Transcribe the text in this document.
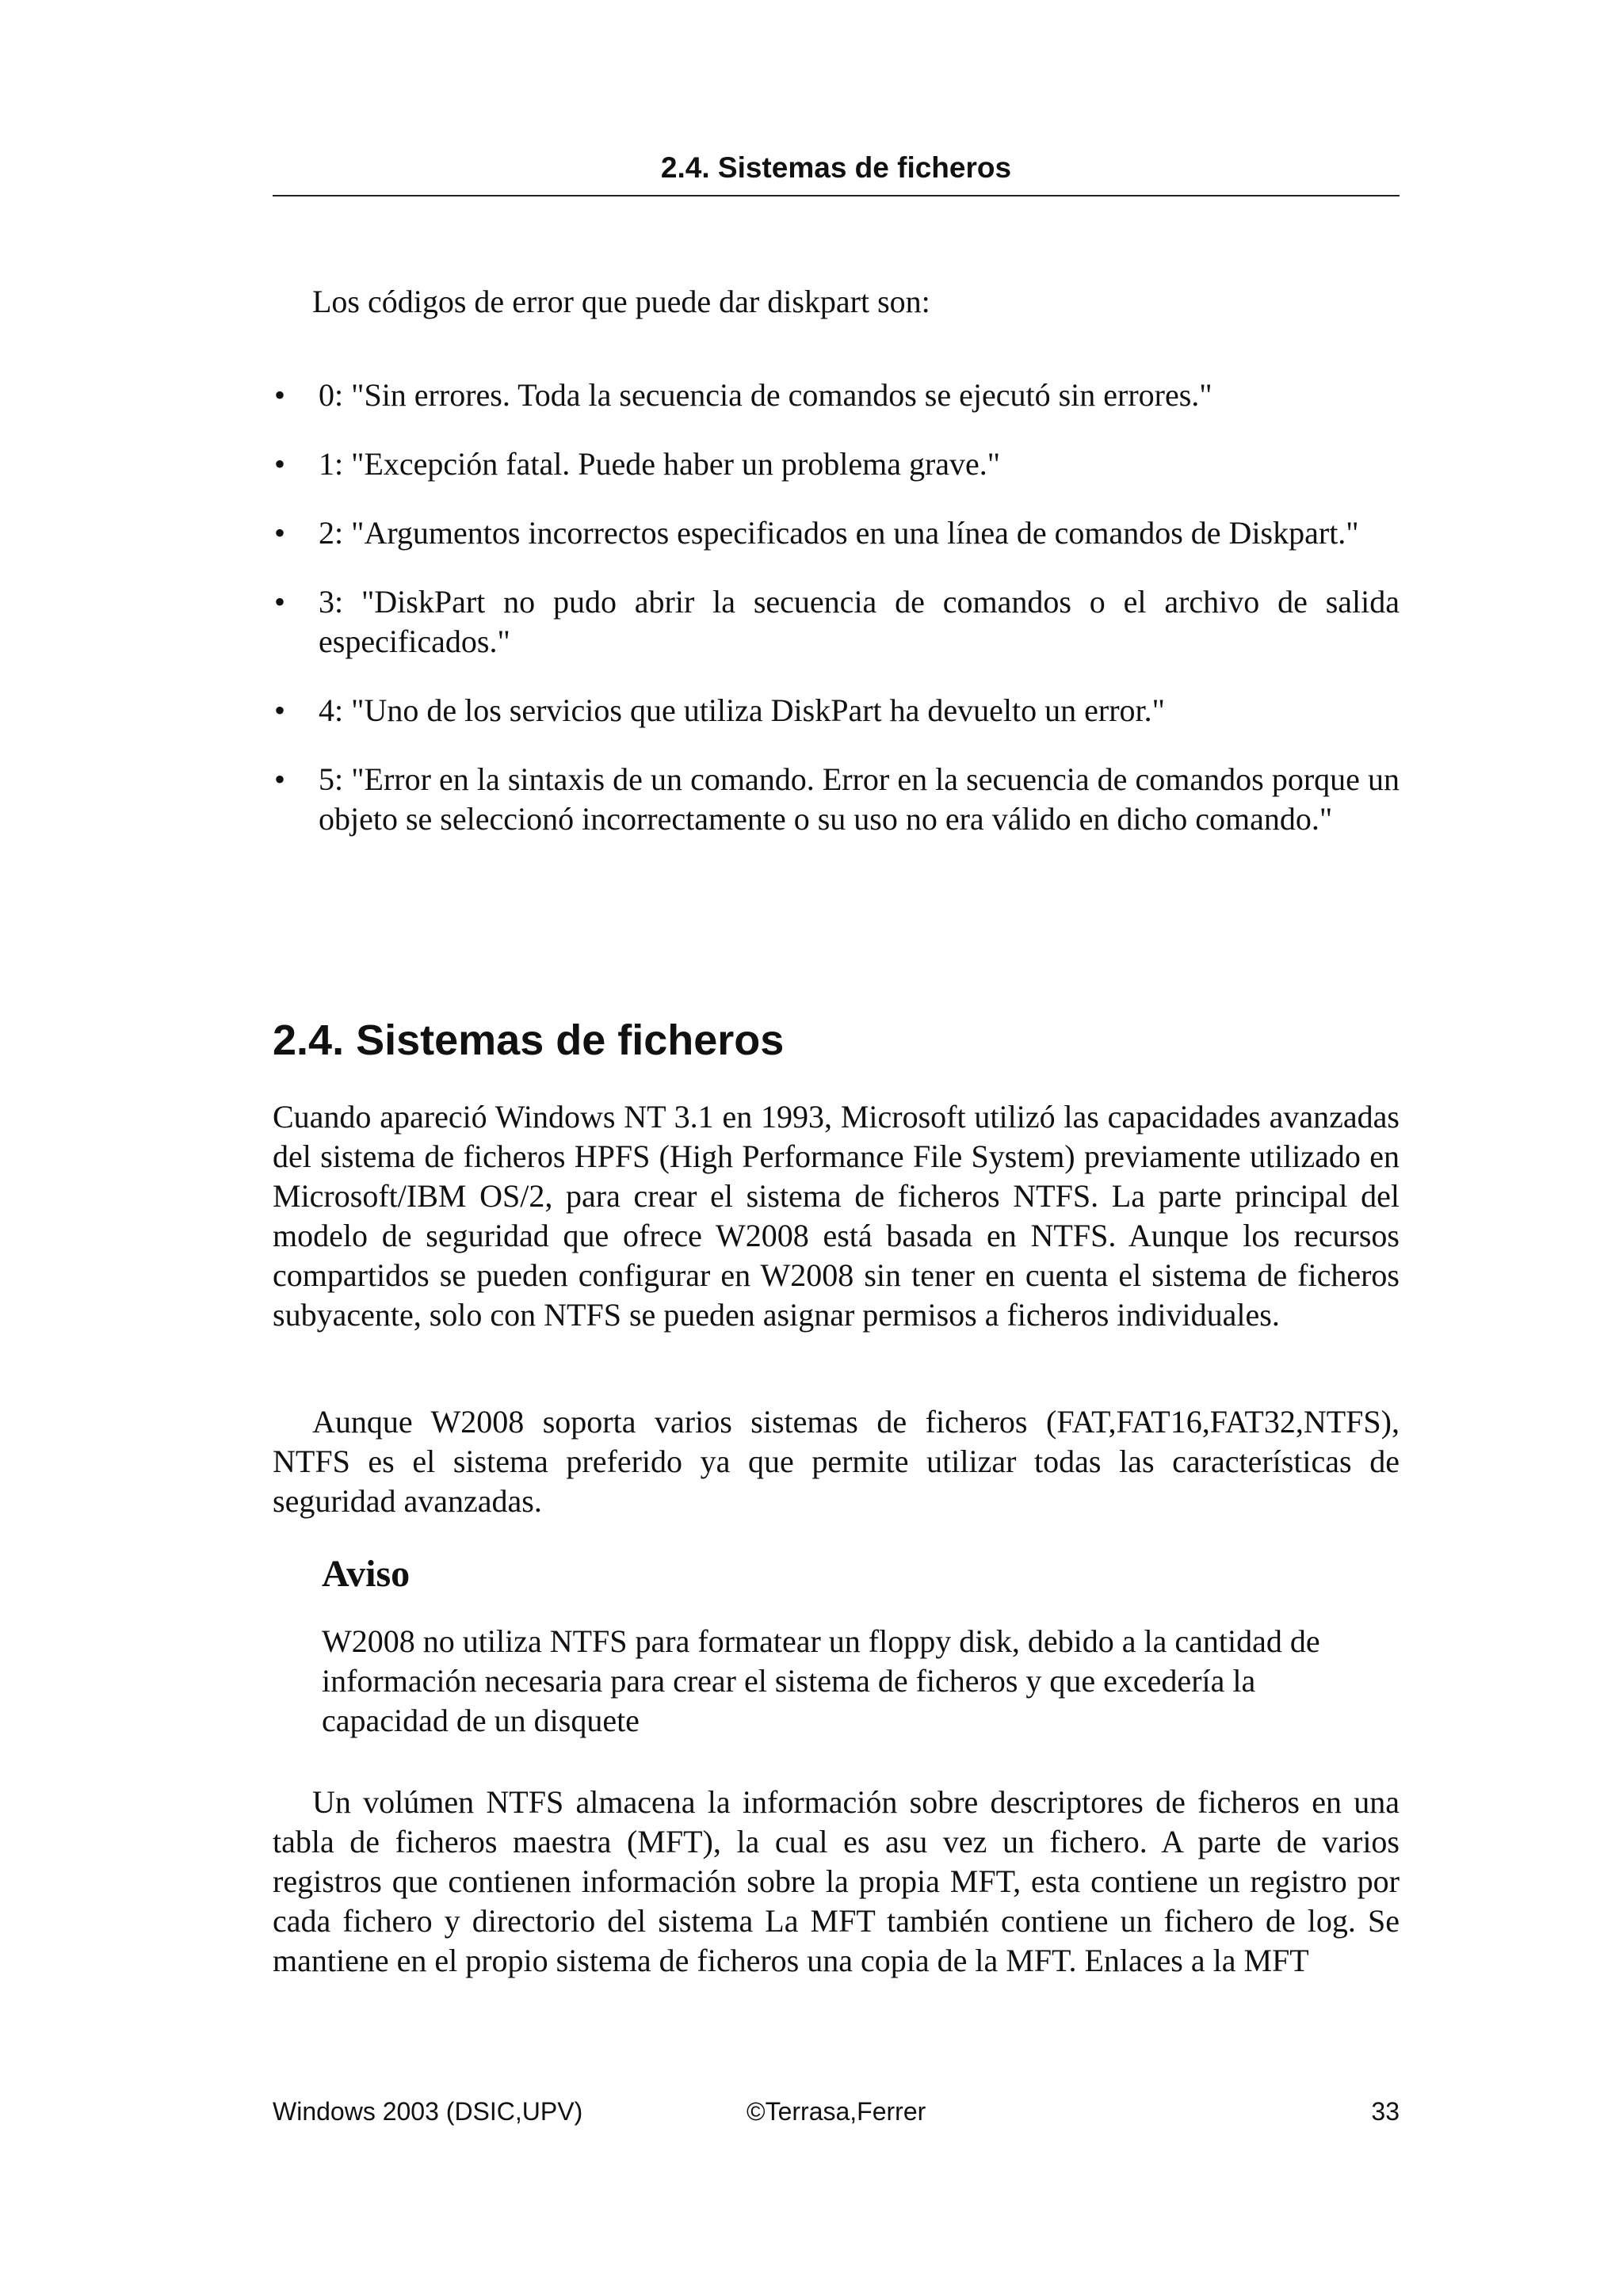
2.4. Sistemas de ficheros

Los códigos de error que puede dar diskpart son:

• 0: "Sin errores. Toda la secuencia de comandos se ejecutó sin errores."
• 1: "Excepción fatal. Puede haber un problema grave."
• 2: "Argumentos incorrectos especificados en una línea de comandos de Diskpart."
• 3: "DiskPart no pudo abrir la secuencia de comandos o el archivo de salida especificados."
• 4: "Uno de los servicios que utiliza DiskPart ha devuelto un error."
• 5: "Error en la sintaxis de un comando. Error en la secuencia de comandos porque un objeto se seleccionó incorrectamente o su uso no era válido en dicho comando."
2.4. Sistemas de ficheros

Cuando apareció Windows NT 3.1 en 1993, Microsoft utilizó las capacidades avanzadas del sistema de ficheros HPFS (High Performance File System) previamente utilizado en Microsoft/IBM OS/2, para crear el sistema de ficheros NTFS. La parte principal del modelo de seguridad que ofrece W2008 está basada en NTFS. Aunque los recursos compartidos se pueden configurar en W2008 sin tener en cuenta el sistema de ficheros subyacente, solo con NTFS se pueden asignar permisos a ficheros individuales.

Aunque W2008 soporta varios sistemas de ficheros (FAT,FAT16,FAT32,NTFS), NTFS es el sistema preferido ya que permite utilizar todas las características de seguridad avanzadas.

Aviso

W2008 no utiliza NTFS para formatear un floppy disk, debido a la cantidad de información necesaria para crear el sistema de ficheros y que excedería la capacidad de un disquete

Un volúmen NTFS almacena la información sobre descriptores de ficheros en una tabla de ficheros maestra (MFT), la cual es asu vez un fichero. A parte de varios registros que contienen información sobre la propia MFT, esta contiene un registro por cada fichero y directorio del sistema La MFT también contiene un fichero de log. Se mantiene en el propio sistema de ficheros una copia de la MFT. Enlaces a la MFT

Windows 2003 (DSIC,UPV)	©Terrasa,Ferrer	33
